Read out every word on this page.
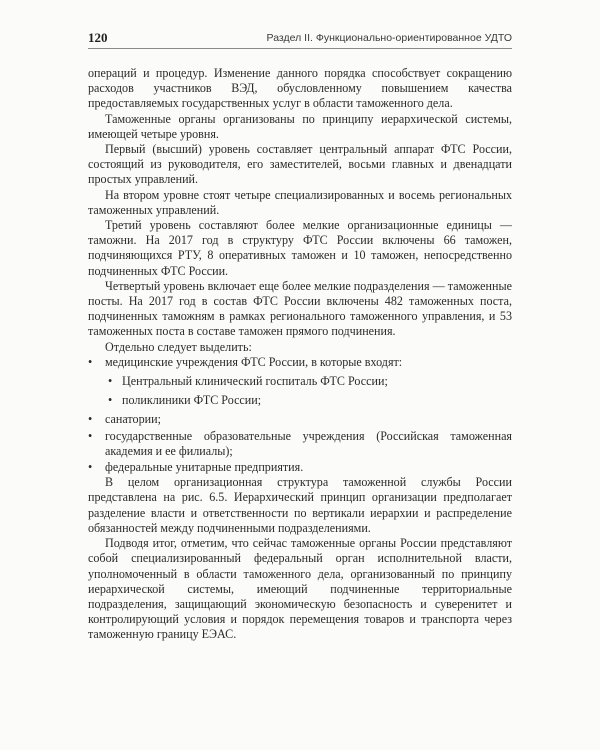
120	Раздел II. Функционально-ориентированное УДТО

операций и процедур. Изменение данного порядка способствует сокращению расходов участников ВЭД, обусловленному повышением качества предоставляемых государственных услуг в области таможенного дела.

Таможенные органы организованы по принципу иерархической системы, имеющей четыре уровня.

Первый (высший) уровень составляет центральный аппарат ФТС России, состоящий из руководителя, его заместителей, восьми главных и двенадцати простых управлений.

На втором уровне стоят четыре специализированных и восемь региональных таможенных управлений.

Третий уровень составляют более мелкие организационные единицы — таможни. На 2017 год в структуру ФТС России включены 66 таможен, подчиняющихся РТУ, 8 оперативных таможен и 10 таможен, непосредственно подчиненных ФТС России.

Четвертый уровень включает еще более мелкие подразделения — таможенные посты. На 2017 год в состав ФТС России включены 482 таможенных поста, подчиненных таможням в рамках регионального таможенного управления, и 53 таможенных поста в составе таможен прямого подчинения.

Отдельно следует выделить:

• медицинские учреждения ФТС России, в которые входят:
• Центральный клинический госпиталь ФТС России;
• поликлиники ФТС России;
• санатории;
• государственные образовательные учреждения (Российская таможенная академия и ее филиалы);
• федеральные унитарные предприятия.

В целом организационная структура таможенной службы России представлена на рис. 6.5. Иерархический принцип организации предполагает разделение власти и ответственности по вертикали иерархии и распределение обязанностей между подчиненными подразделениями.

Подводя итог, отметим, что сейчас таможенные органы России представляют собой специализированный федеральный орган исполнительной власти, уполномоченный в области таможенного дела, организованный по принципу иерархической системы, имеющий подчиненные территориальные подразделения, защищающий экономическую безопасность и суверенитет и контролирующий условия и порядок перемещения товаров и транспорта через таможенную границу ЕЭАС.
